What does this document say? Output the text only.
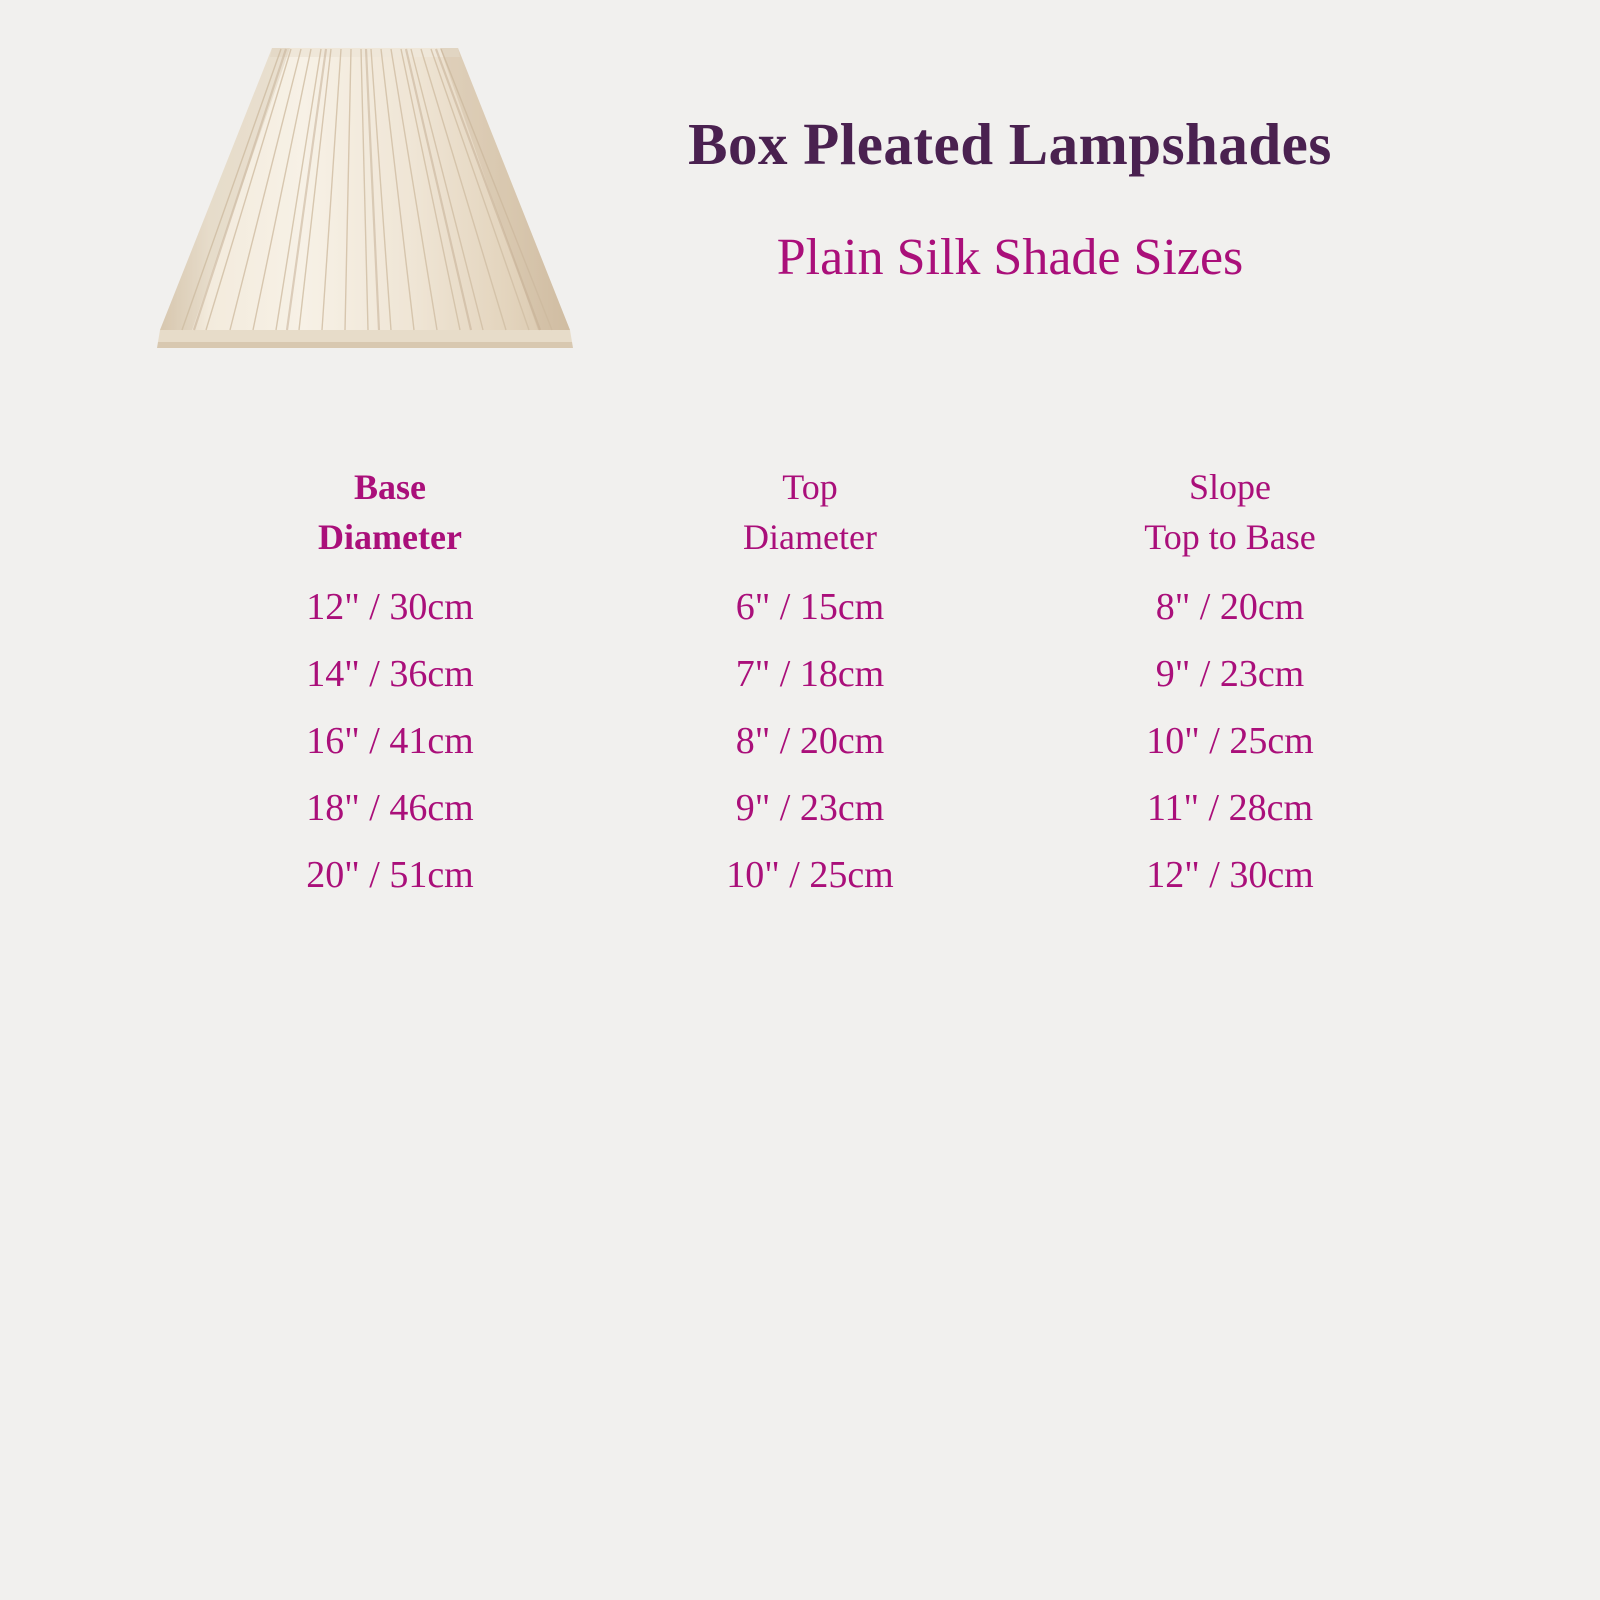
Box Pleated Lampshades
Plain Silk Shade Sizes
Base
Diameter
12" / 30cm
14" / 36cm
16" / 41cm
18" / 46cm
20" / 51cm
Top
Diameter
6" / 15cm
7" / 18cm
8" / 20cm
9" / 23cm
10" / 25cm
Slope
Top to Base
8" / 20cm
9" / 23cm
10" / 25cm
11" / 28cm
12" / 30cm
